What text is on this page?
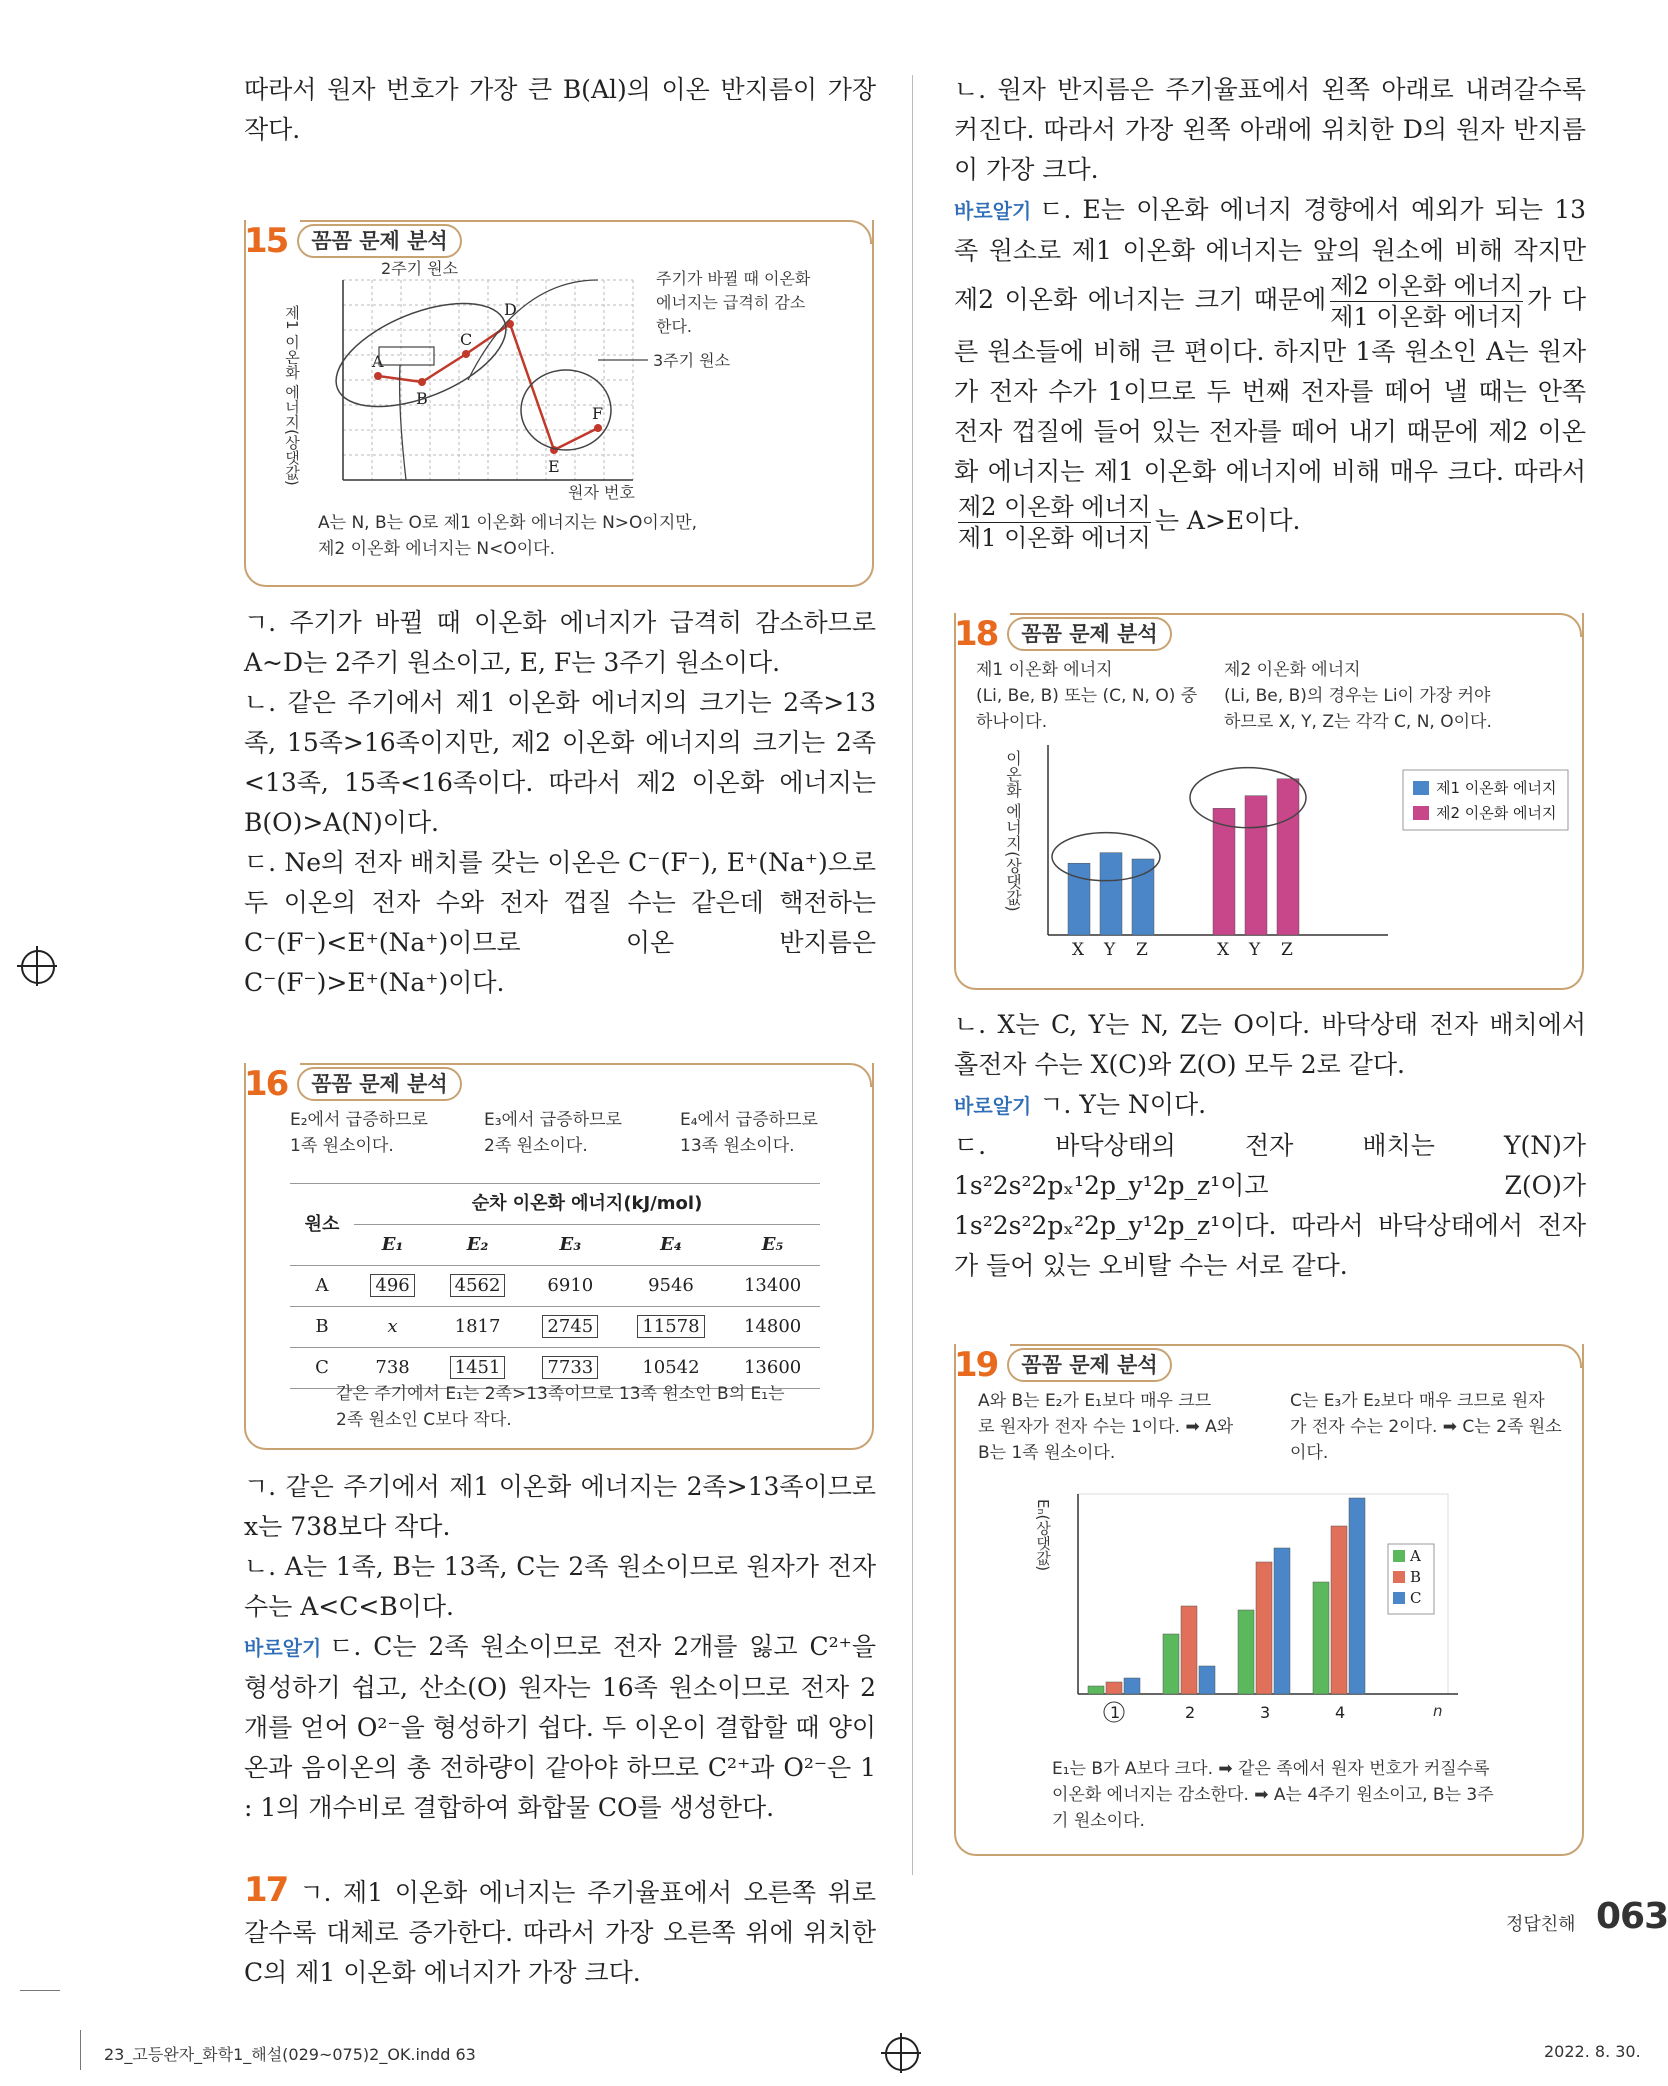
따라서 원자 번호가 가장 큰 B(Al)의 이온 반지름이 가장 작다.

15	꼼꼼 문제 분석
A
B
C
D
E
F
2주기 원소
주기가 바뀔 때 이온화
에너지는 급격히 감소
한다.
3주기 원소
원자 번호
제1 이온화 에너지(상댓값)
A는 N, B는 O로 제1 이온화 에너지는 N>O이지만,
제2 이온화 에너지는 N<O이다.

ㄱ. 주기가 바뀔 때 이온화 에너지가 급격히 감소하므로 A~D는 2주기 원소이고, E, F는 3주기 원소이다.

ㄴ. 같은 주기에서 제1 이온화 에너지의 크기는 2족>13족, 15족>16족이지만, 제2 이온화 에너지의 크기는 2족<13족, 15족<16족이다. 따라서 제2 이온화 에너지는 B(O)>A(N)이다.

ㄷ. Ne의 전자 배치를 갖는 이온은 C⁻(F⁻), E⁺(Na⁺)으로 두 이온의 전자 수와 전자 껍질 수는 같은데 핵전하는 C⁻(F⁻)<E⁺(Na⁺)이므로 이온 반지름은 C⁻(F⁻)>E⁺(Na⁺)이다.

16	꼼꼼 문제 분석
E₂에서 급증하므로
1족 원소이다.
E₃에서 급증하므로
2족 원소이다.
E₄에서 급증하므로
13족 원소이다.
원소	순차 이온화 에너지(kJ/mol)				
	E₁	E₂	E₃	E₄	E₅
A	496	4562	6910	9546	13400
B	x	1817	2745	11578	14800
C	738	1451	7733	10542	13600
같은 주기에서 E₁는 2족>13족이므로 13족 원소인 B의 E₁는
2족 원소인 C보다 작다.

ㄱ. 같은 주기에서 제1 이온화 에너지는 2족>13족이므로 x는 738보다 작다.

ㄴ. A는 1족, B는 13족, C는 2족 원소이므로 원자가 전자 수는 A<C<B이다.

바로알기 ㄷ. C는 2족 원소이므로 전자 2개를 잃고 C²⁺을 형성하기 쉽고, 산소(O) 원자는 16족 원소이므로 전자 2개를 얻어 O²⁻을 형성하기 쉽다. 두 이온이 결합할 때 양이온과 음이온의 총 전하량이 같아야 하므로 C²⁺과 O²⁻은 1 : 1의 개수비로 결합하여 화합물 CO를 생성한다.

17 ㄱ. 제1 이온화 에너지는 주기율표에서 오른쪽 위로 갈수록 대체로 증가한다. 따라서 가장 오른쪽 위에 위치한 C의 제1 이온화 에너지가 가장 크다.

ㄴ. 원자 반지름은 주기율표에서 왼쪽 아래로 내려갈수록 커진다. 따라서 가장 왼쪽 아래에 위치한 D의 원자 반지름이 가장 크다.

바로알기 ㄷ. E는 이온화 에너지 경향에서 예외가 되는 13족 원소로 제1 이온화 에너지는 앞의 원소에 비해 작지만 제2 이온화 에너지는 크기 때문에 $\frac{\text{제2 이온화 에너지}}{\text{제1 이온화 에너지}}$ 가 다른 원소들에 비해 큰 편이다. 하지만 1족 원소인 A는 원자가 전자 수가 1이므로 두 번째 전자를 떼어 낼 때는 안쪽 전자 껍질에 들어 있는 전자를 떼어 내기 때문에 제2 이온화 에너지는 제1 이온화 에너지에 비해 매우 크다. 따라서
$\frac{\text{제2 이온화 에너지}}{\text{제1 이온화 에너지}}$ 는 A>E이다.

18	꼼꼼 문제 분석
제1 이온화 에너지
(Li, Be, B) 또는 (C, N, O) 중
하나이다.
제2 이온화 에너지
(Li, Be, B)의 경우는 Li이 가장 커야
하므로 X, Y, Z는 각각 C, N, O이다.
이온화 에너지(상댓값)
X Y Z	X Y Z
제1 이온화 에너지
제2 이온화 에너지

ㄴ. X는 C, Y는 N, Z는 O이다. 바닥상태 전자 배치에서 홀전자 수는 X(C)와 Z(O) 모두 2로 같다.

바로알기 ㄱ. Y는 N이다.

ㄷ. 바닥상태의 전자 배치는 Y(N)가 1s²2s²2pₓ¹2p_y¹2p_z¹이고 Z(O)가 1s²2s²2pₓ²2p_y¹2p_z¹이다. 따라서 바닥상태에서 전자가 들어 있는 오비탈 수는 서로 같다.

19	꼼꼼 문제 분석
A와 B는 E₂가 E₁보다 매우 크므
로 원자가 전자 수는 1이다. ➡ A와
B는 1족 원소이다.
C는 E₃가 E₂보다 매우 크므로 원자
가 전자 수는 2이다. ➡ C는 2족 원소
이다.
Eₙ(상댓값)
n
1	2	3	4
A
B
C
E₁는 B가 A보다 크다. ➡ 같은 족에서 원자 번호가 커질수록
이온화 에너지는 감소한다. ➡ A는 4주기 원소이고, B는 3주
기 원소이다.
정답친해 063
23_고등완자_화학1_해설(029~075)2_OK.indd 63	2022. 8. 30.
